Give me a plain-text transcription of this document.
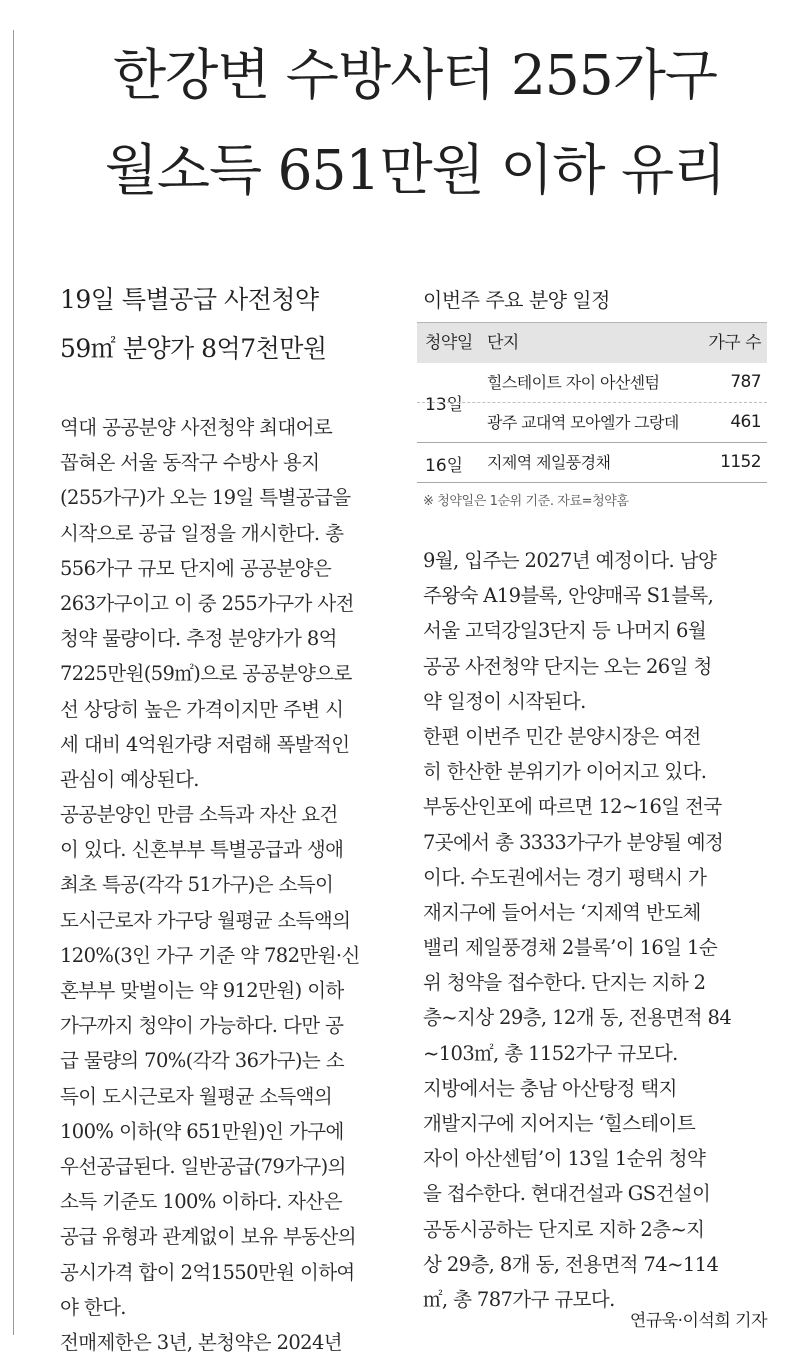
한강변 수방사터 255가구
월소득 651만원 이하 유리
19일 특별공급 사전청약
59㎡ 분양가 8억7천만원
역대 공공분양 사전청약 최대어로
꼽혀온 서울 동작구 수방사 용지
(255가구)가 오는 19일 특별공급을
시작으로 공급 일정을 개시한다. 총
556가구 규모 단지에 공공분양은
263가구이고 이 중 255가구가 사전
청약 물량이다. 추정 분양가가 8억
7225만원(59㎡)으로 공공분양으로
선 상당히 높은 가격이지만 주변 시
세 대비 4억원가량 저렴해 폭발적인
관심이 예상된다.
공공분양인 만큼 소득과 자산 요건
이 있다. 신혼부부 특별공급과 생애
최초 특공(각각 51가구)은 소득이
도시근로자 가구당 월평균 소득액의
120%(3인 가구 기준 약 782만원·신
혼부부 맞벌이는 약 912만원) 이하
가구까지 청약이 가능하다. 다만 공
급 물량의 70%(각각 36가구)는 소
득이 도시근로자 월평균 소득액의
100% 이하(약 651만원)인 가구에
우선공급된다. 일반공급(79가구)의
소득 기준도 100% 이하다. 자산은
공급 유형과 관계없이 보유 부동산의
공시가격 합이 2억1550만원 이하여
야 한다.
전매제한은 3년, 본청약은 2024년
이번주 주요 분양 일정
청약일 단지	가구 수
13일
힐스테이트 자이 아산센텀	787
광주 교대역 모아엘가 그랑데	461
16일 지제역 제일풍경채	1152
※ 청약일은 1순위 기준. 자료=청약홈
9월, 입주는 2027년 예정이다. 남양
주왕숙 A19블록, 안양매곡 S1블록,
서울 고덕강일3단지 등 나머지 6월
공공 사전청약 단지는 오는 26일 청
약 일정이 시작된다.
한편 이번주 민간 분양시장은 여전
히 한산한 분위기가 이어지고 있다.
부동산인포에 따르면 12~16일 전국
7곳에서 총 3333가구가 분양될 예정
이다. 수도권에서는 경기 평택시 가
재지구에 들어서는 ‘지제역 반도체
밸리 제일풍경채 2블록’이 16일 1순
위 청약을 접수한다. 단지는 지하 2
층~지상 29층, 12개 동, 전용면적 84
~103㎡, 총 1152가구 규모다.
지방에서는 충남 아산탕정 택지
개발지구에 지어지는 ‘힐스테이트
자이 아산센텀’이 13일 1순위 청약
을 접수한다. 현대건설과 GS건설이
공동시공하는 단지로 지하 2층~지
상 29층, 8개 동, 전용면적 74~114
㎡, 총 787가구 규모다.
연규욱·이석희 기자
